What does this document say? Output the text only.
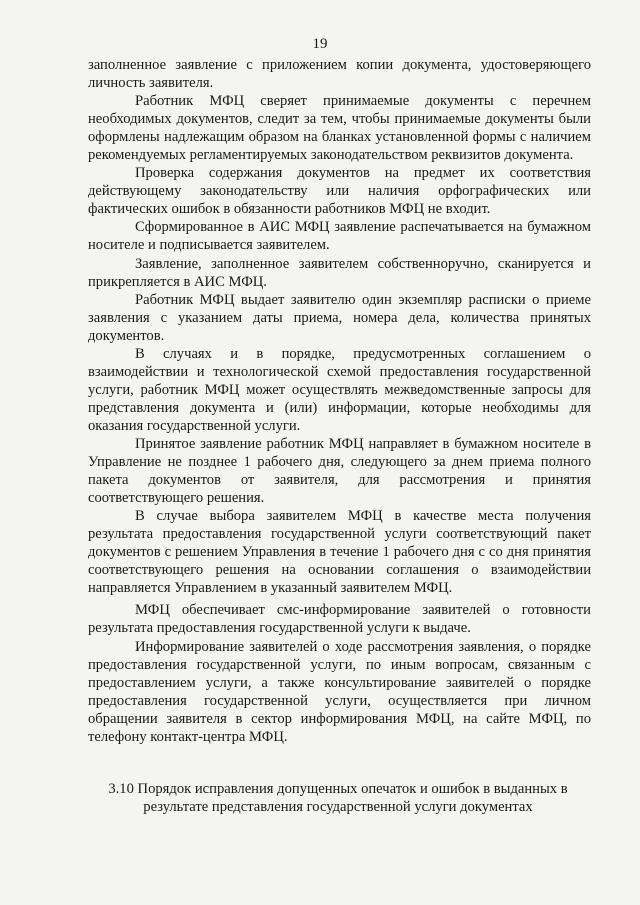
19

заполненное заявление с приложением копии документа, удостоверяющего личность заявителя.

Работник МФЦ сверяет принимаемые документы с перечнем необходимых документов, следит за тем, чтобы принимаемые документы были оформлены надлежащим образом на бланках установленной формы с наличием рекомендуемых регламентируемых законодательством реквизитов документа.

Проверка содержания документов на предмет их соответствия действующему законодательству или наличия орфографических или фактических ошибок в обязанности работников МФЦ не входит.

Сформированное в АИС МФЦ заявление распечатывается на бумажном носителе и подписывается заявителем.

Заявление, заполненное заявителем собственноручно, сканируется и прикрепляется в АИС МФЦ.

Работник МФЦ выдает заявителю один экземпляр расписки о приеме заявления с указанием даты приема, номера дела, количества принятых документов.

В случаях и в порядке, предусмотренных соглашением о взаимодействии и технологической схемой предоставления государственной услуги, работник МФЦ может осуществлять межведомственные запросы для представления документа и (или) информации, которые необходимы для оказания государственной услуги.

Принятое заявление работник МФЦ направляет в бумажном носителе в Управление не позднее 1 рабочего дня, следующего за днем приема полного пакета документов от заявителя, для рассмотрения и принятия соответствующего решения.

В случае выбора заявителем МФЦ в качестве места получения результата предоставления государственной услуги соответствующий пакет документов с решением Управления в течение 1 рабочего дня с со дня принятия соответствующего решения на основании соглашения о взаимодействии направляется Управлением в указанный заявителем МФЦ.

МФЦ обеспечивает смс-информирование заявителей о готовности результата предоставления государственной услуги к выдаче.

Информирование заявителей о ходе рассмотрения заявления, о порядке предоставления государственной услуги, по иным вопросам, связанным с предоставлением услуги, а также консультирование заявителей о порядке предоставления государственной услуги, осуществляется при личном обращении заявителя в сектор информирования МФЦ, на сайте МФЦ, по телефону контакт-центра МФЦ.

3.10 Порядок исправления допущенных опечаток и ошибок в выданных в результате представления государственной услуги документах
